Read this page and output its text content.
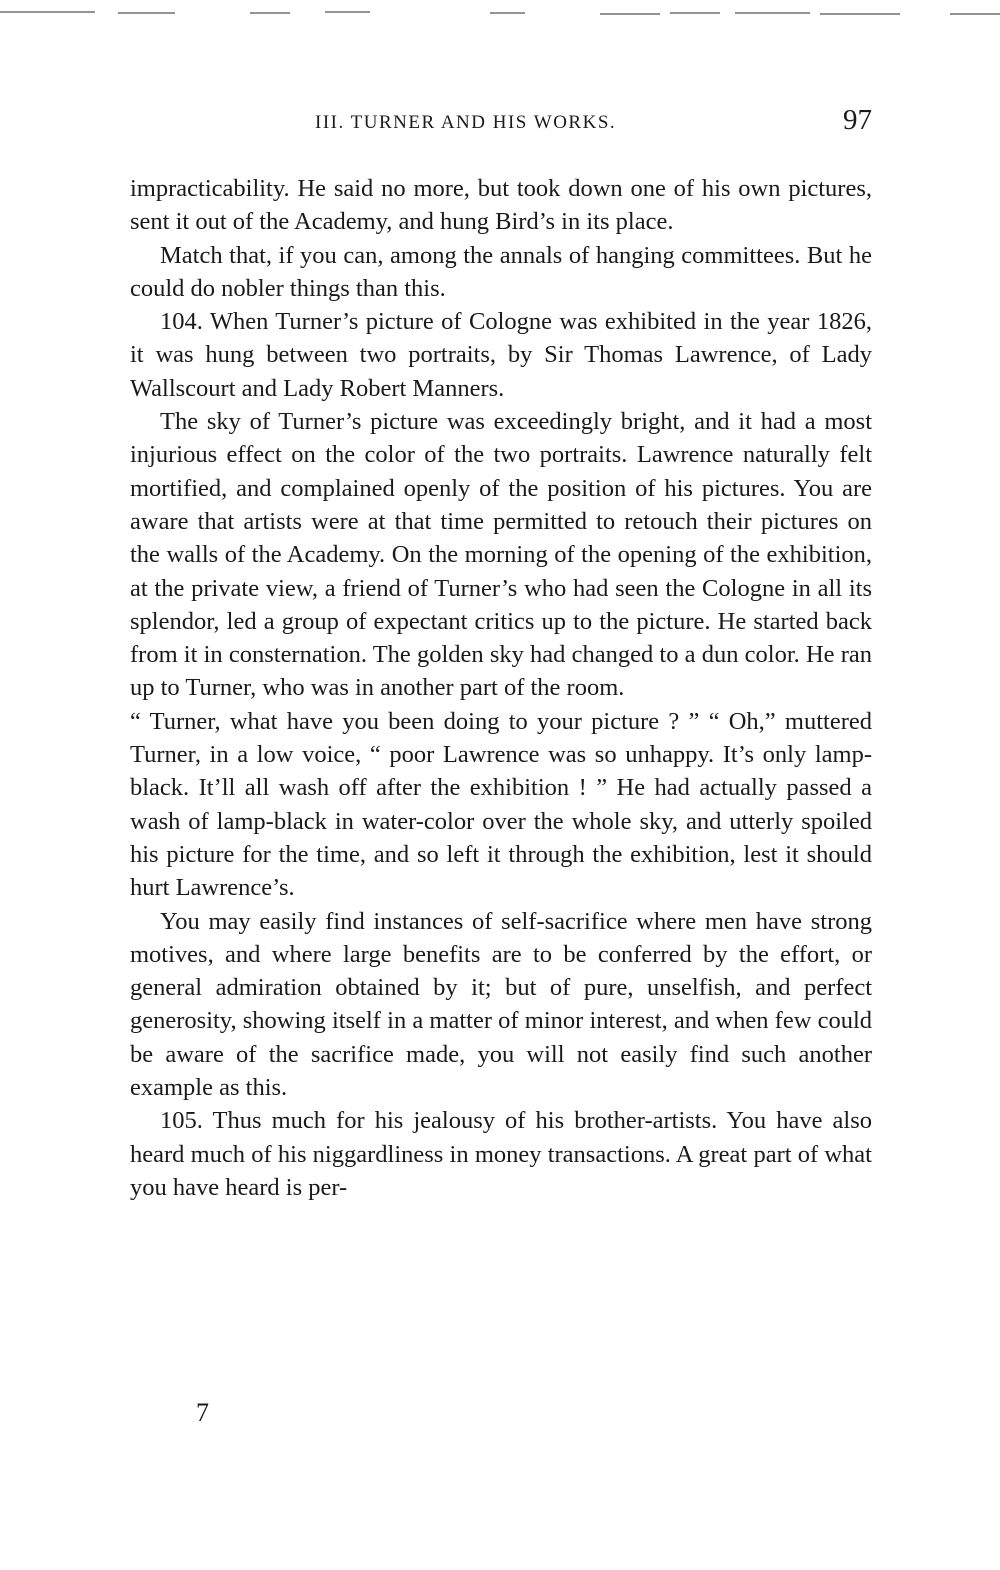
III. TURNER AND HIS WORKS.	97

impracticability. He said no more, but took down one of his own pictures, sent it out of the Academy, and hung Bird’s in its place.

Match that, if you can, among the annals of hanging committees. But he could do nobler things than this.

104. When Turner’s picture of Cologne was exhibited in the year 1826, it was hung between two portraits, by Sir Thomas Lawrence, of Lady Wallscourt and Lady Robert Manners.

The sky of Turner’s picture was exceedingly bright, and it had a most injurious effect on the color of the two portraits. Lawrence naturally felt mortified, and complained openly of the position of his pictures. You are aware that artists were at that time permitted to retouch their pictures on the walls of the Academy. On the morning of the opening of the exhibition, at the private view, a friend of Turner’s who had seen the Cologne in all its splendor, led a group of expectant critics up to the picture. He started back from it in consternation. The golden sky had changed to a dun color. He ran up to Turner, who was in another part of the room.

“ Turner, what have you been doing to your picture ? ” “ Oh,” muttered Turner, in a low voice, “ poor Lawrence was so unhappy. It’s only lamp-black. It’ll all wash off after the exhibition ! ” He had actually passed a wash of lamp-black in water-color over the whole sky, and utterly spoiled his picture for the time, and so left it through the exhibition, lest it should hurt Lawrence’s.

You may easily find instances of self-sacrifice where men have strong motives, and where large benefits are to be conferred by the effort, or general admiration obtained by it; but of pure, unselfish, and perfect generosity, showing itself in a matter of minor interest, and when few could be aware of the sacrifice made, you will not easily find such another example as this.

105. Thus much for his jealousy of his brother-artists. You have also heard much of his niggardliness in money transactions. A great part of what you have heard is per-

7
